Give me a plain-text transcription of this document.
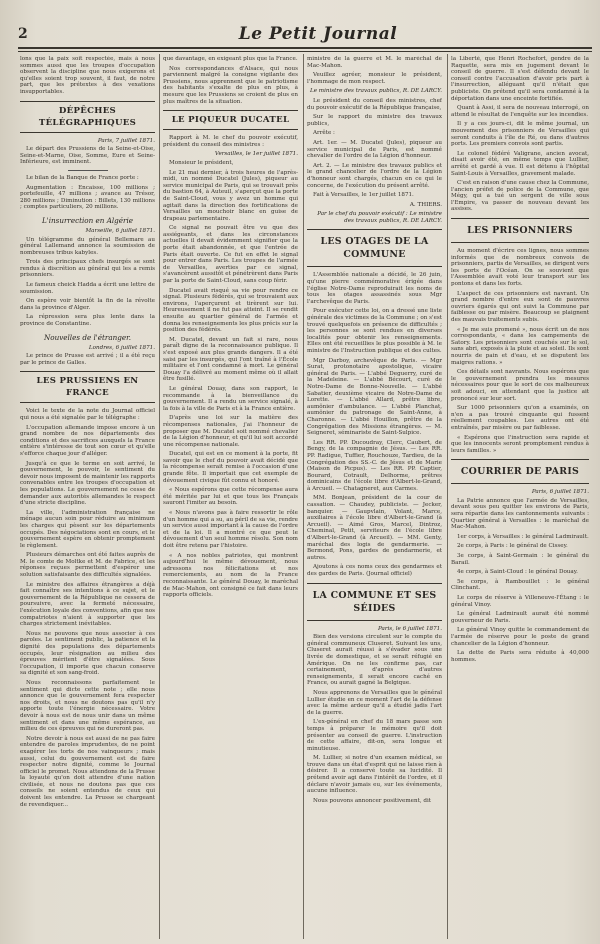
2	Le Petit Journal

lons que la paix soit respectée, mais à nous sommes aussi que les troupes d'occupation observent la discipline que nous exigerons et qu'elles soient trop souvent, il faut, de notre part, que les prétextes à des vexations insupportables.

DÉPÊCHES TÉLÉGRAPHIQUES

Paris, 7 juillet 1871.

Le départ des Prussiens de la Seine-et-Oise, Seine-et-Marne, Oise, Somme, Eure et Seine-Inférieure, est imminent.

Le bilan de la Banque de France porte :

Augmentation : Encaisse, 100 millions ; portefeuille, 47 millions ; avance au Trésor, 280 millions ; Diminution : Billets, 130 millions ; comptes particuliers, 20 millions.

L'insurrection en Algérie

Marseille, 6 juillet 1871.

Un télégramme du général Bellemare au général Lallemand annonce la soumission de nombreuses tribus kabyles.

Trois des principaux chefs insurgés se sont rendus à discrétion au général qui les a remis prisonniers.

Le fameux cheick Hadda a écrit une lettre de soumission.

On espère voir bientôt la fin de la révolte dans la province d'Alger.

La répression sera plus lente dans la province de Constantine.

Nouvelles de l'étranger.

Londres, 6 juillet 1871.

Le prince de Prusse est arrivé ; il a été reçu par le prince de Galles.

LES PRUSSIENS EN FRANCE

Voici le texte de la note du Journal officiel qui nous a été signalée par le télégraphe :

L'occupation allemande impose encore à un grand nombre de nos départements des conditions et des sacrifices auxquels la France entière s'intéresse de tout son cœur et qu'elle s'efforce chaque jour d'alléger.

Jusqu'à ce que le terme en soit arrivé, le gouvernement, le pouvoir, le sentiment du devoir nous imposent de maintenir les rapports convenables entre les troupes d'occupation et les populations. Le gouvernement ne cesse de demander aux autorités allemandes le respect d'une stricte discipline.

La ville, l'administration française ne ménage aucun soin pour réduire au minimum les charges qui pèsent sur les départements occupés. Des négociations sont en cours, et le gouvernement espère en obtenir promptement le règlement.

Plusieurs démarches ont été faites auprès de M. le comte de Moltke et M. de Fabrice, et les réponses reçues permettent d'espérer une solution satisfaisante des difficultés signalées.

Le ministre des affaires étrangères a déjà fait connaître ses intentions à ce sujet, et le gouvernement de la République ne cessera de poursuivre, avec la fermeté nécessaire, l'exécution loyale des conventions, afin que nos compatriotes n'aient à supporter que les charges strictement inévitables.

Nous ne pouvons que nous associer à ces paroles. Le sentiment public, la patience et la dignité des populations des départements occupés, leur résignation au milieu des épreuves méritent d'être signalées. Sous l'occupation, il importe que chacun conserve sa dignité et son sang-froid.

Nous reconnaissons parfaitement le sentiment qui dicte cette note ; elle nous annonce que le gouvernement fera respecter nos droits, et nous ne doutons pas qu'il n'y apporte toute l'énergie nécessaire. Votre devoir à nous est de nous unir dans un même sentiment et dans une même espérance, au milieu de ces épreuves qui ne dureront pas.

Notre devoir à nous est aussi de ne pas faire entendre de paroles imprudentes, de ne point exagérer les torts de nos vainqueurs ; mais aussi, celui du gouvernement est de faire respecter notre dignité, comme le Journal officiel le promet. Nous attendons de la Prusse la loyauté qu'on doit attendre d'une nation civilisée, et nous ne doutons pas que ces conseils ne soient entendus de ceux qui doivent les entendre. La Prusse se chargeant de revendiquer...

que davantage, en exigeant plus que la France.

Nos correspondances d'Alsace, qui nous parviennent malgré la consigne vigilante des Prussiens, nous apprennent que le patriotisme des habitants s'exalte de plus en plus, à mesure que les Prussiens se croient de plus en plus maîtres de la situation.

LE PIQUEUR DUCATEL

Rapport à M. le chef du pouvoir exécutif, président du conseil des ministres :

Versailles, le 1er juillet 1871.

Monsieur le président,

Le 21 mai dernier, à trois heures de l'après-midi, un nommé Ducatel (Jules), piqueur au service municipal de Paris, qui se trouvait près du bastion 64, à Auteuil, s'aperçut que la porte de Saint-Cloud, vous y avez un homme qui agitait dans la direction des fortifications de Versailles un mouchoir blanc en guise de drapeau parlementaire.

Ce signal ne pouvait être vu que des assiégeants, et dans les circonstances actuelles il devait évidemment signifier que la porte était abandonnée, et que l'entrée de Paris était ouverte. Ce fut en effet le signal pour entrer dans Paris. Les troupes de l'armée de Versailles, averties par ce signal, s'avancèrent aussitôt et pénétrèrent dans Paris par la porte de Saint-Cloud, sans coup férir.

Ducatel avait risqué sa vie pour rendre ce signal. Plusieurs fédérés, qui se trouvaient aux environs, l'aperçurent et tirèrent sur lui. Heureusement il ne fut pas atteint. Il se rendit ensuite au quartier général de l'armée et donna les renseignements les plus précis sur la position des fédérés.

M. Ducatel, devant un fait si rare, nous paraît digne de la reconnaissance publique. Il s'est exposé aux plus grands dangers. Il a été saisi par les insurgés, qui l'ont traîné à l'École militaire et l'ont condamné à mort. Le général Douay l'a délivré au moment même où il allait être fusillé.

Le général Douay, dans son rapport, le recommande à la bienveillance du gouvernement. Il a rendu un service signalé, à la fois à la ville de Paris et à la France entière.

D'après une loi sur la matière des récompenses nationales, j'ai l'honneur de proposer que M. Ducatel soit nommé chevalier de la Légion d'honneur, et qu'il lui soit accordé une récompense nationale.

Ducatel, qui est en ce moment à la porte, fit savoir que le chef du pouvoir avait décidé que la récompense serait remise à l'occasion d'une grande fête. Il importait que cet exemple de dévouement civique fût connu et honoré.

« Nous espérons que cette récompense aura été méritée par lui et que tous les Français sauront l'imiter au besoin.

« Nous n'avons pas à faire ressortir le rôle d'un homme qui a su, au péril de sa vie, rendre un service aussi important à la cause de l'ordre et de la loi. Il a montré ce que peut le dévouement d'un seul homme résolu. Son nom doit être retenu par l'histoire.

« A nos nobles patriotes, qui montrent aujourd'hui le même dévouement, nous adressons nos félicitations et nos remerciements, au nom de la France reconnaissante. Le général Douay, le maréchal de Mac-Mahon, ont consigné ce fait dans leurs rapports officiels.

ministre de la guerre et M. le maréchal de Mac-Mahon.

Veuillez agréer, monsieur le président, l'hommage de mon respect.

Le ministre des travaux publics, R. DE LARCY.

Le président du conseil des ministres, chef du pouvoir exécutif de la République française,

Sur le rapport du ministre des travaux publics,

Arrête :

Art. 1er. — M. Ducatel (Jules), piqueur au service municipal de Paris, est nommé chevalier de l'ordre de la Légion d'honneur.

Art. 2. — Le ministre des travaux publics et le grand chancelier de l'ordre de la Légion d'honneur sont chargés, chacun en ce qui le concerne, de l'exécution du présent arrêté.

Fait à Versailles, le 1er juillet 1871.

A. THIERS.

Par le chef du pouvoir exécutif : Le ministre des travaux publics, R. DE LARCY.

LES OTAGES DE LA COMMUNE

L'Assemblée nationale a décidé, le 26 juin, qu'une pierre commémorative érigée dans l'église Notre-Dame reproduirait les noms de tous les otages assassinés sous Mgr l'archevêque de Paris.

Pour exécuter cette loi, on a dressé une liste générale des victimes de la Commune ; on s'est trouvé quelquefois en présence de difficultés ; les personnes se sont rendues en diverses localités pour obtenir les renseignements. Elles ont été recueillies le plus possible à M. le ministre de l'Instruction publique et des cultes.

Mgr Darboy, archevêque de Paris. — Mgr Surat, protonotaire apostolique, vicaire général de Paris. — L'abbé Deguerry, curé de la Madeleine. — L'abbé Bécourt, curé de Notre-Dame de Bonne-Nouvelle. — L'abbé Sabatier, deuxième vicaire de Notre-Dame de Lorette. — L'abbé Allard, prêtre libre, aumônier d'ambulance. — L'abbé Planchat, aumônier du patronage de Saint-Anne, à Charonne. — L'abbé Houillon, prêtre de la Congrégation des Missions étrangères. — M. Seigneret, séminariste de Saint-Sulpice.

Les RR. PP. Ducoudray, Clerc, Caubert, de Bengy, de la compagnie de Jésus. — Les RR. PP. Radigue, Tuffier, Rouchouze, Tardieu, de la Congrégation des SS.-C. de Jésus et de Marie (Maison de Picpus). — Les RR. PP. Captier, Bourard, Cotrault, Delhorme, prêtres dominicains de l'école libre d'Albert-le-Grand, à Arcueil. — Chatagneret, aux Carmes.

MM. Bonjean, président de la cour de cassation. — Chaudey, publiciste. — Jecker, banquier. — Gaupvlain, Volant, Marce, auxiliaires à l'école libre d'Albert-le-Grand (à Arcueil). — Aimé Gros, Marcel, Dintroz, Cheminal, Petit, serviteurs de l'école libre d'Albert-le-Grand (à Arcueil). — MM. Genty, maréchal des logis de gendarmerie. — Bermond, Pons, gardes de gendarmerie, et autres.

Ajoutons à ces noms ceux des gendarmes et des gardes de Paris. (Journal officiel)

LA COMMUNE ET SES SÉIDES

Paris, le 6 juillet 1871.

Bien des versions circulent sur le compte du général communeux Cluseret. Suivant les uns, Cluseret aurait réussi à s'évader sous une livrée de domestique, et se serait réfugié en Amérique. On ne les confirme pas, car certainement, d'après d'autres renseignements, il serait encore caché en France, ou aurait gagné la Belgique.

Nous apprenons de Versailles que le général Lullier étudie en ce moment l'art de la défense avec la même ardeur qu'il a étudié jadis l'art de la guerre.

L'ex-général en chef du 18 mars passe son temps à préparer le mémoire qu'il doit présenter au conseil de guerre. L'instruction de cette affaire, dit-on, sera longue et minutieuse.

M. Lullier, si notre d'un examen médical, se trouve dans un état d'esprit qui ne laisse rien à désirer. Il a conservé toute sa lucidité. Il prétend avoir agi dans l'intérêt de l'ordre, et il déclare n'avoir jamais eu, sur les événements, aucune influence.

Nous pouvons annoncer positivement, dit

la Liberté, que Henri Rochefort, gendre de la Raquette, sera mis en jugement devant le conseil de guerre. Il s'est défendu devant le conseil contre l'accusation d'avoir pris part à l'insurrection, alléguant qu'il n'était que publiciste. On prétend qu'il sera condamné à la déportation dans une enceinte fortifiée.

Quant à Assi, il sera de nouveau interrogé, on attend le résultat de l'enquête sur les incendies.

Il y a ces jours-ci, dit le même journal, un mouvement des prisonniers de Versailles qui seront conduits à l'île de Ré, ou dans d'autres ports. Les premiers convois sont partis.

Le colonel fédéré Valigrane, ancien avocat, disait avoir été, en même temps que Lullier, arrêté et gardé à vue. Il est détenu à l'hôpital Saint-Louis à Versailles, gravement malade.

C'est en raison d'une cause chez la Commune, l'ancien préfet de police de la Commune, que Mégy, qui a tué un sergent de ville sous l'Empire, va passer de nouveau devant les assises.

LES PRISONNIERS

Au moment d'écrire ces lignes, nous sommes informés que de nombreux convois de prisonniers, partis de Versailles, se dirigent vers les ports de l'Océan. On se souvient que l'Assemblée avait voté leur transport sur les pontons et dans les forts.

L'aspect de ces prisonniers est navrant. Un grand nombre d'entre eux sont de pauvres ouvriers égarés qui ont suivi la Commune par faiblesse ou par misère. Beaucoup se plaignent des mauvais traitements subis.

« Je me suis promené », nous écrit un de nos correspondants, « dans les campements de Satory. Les prisonniers sont couchés sur le sol, sans abri, exposés à la pluie et au soleil. Ils sont nourris de pain et d'eau, et se disputent les maigres rations. »

Ces détails sont navrants. Nous espérons que le gouvernement prendra les mesures nécessaires pour que le sort de ces malheureux soit adouci, en attendant que la justice ait prononcé sur leur sort.

Sur 1000 prisonniers qu'on a examinés, on n'en a pas trouvé cinquante qui fussent réellement coupables. Les autres ont été entraînés, par misère ou par faiblesse.

« Espérons que l'instruction sera rapide et que les innocents seront promptement rendus à leurs familles. »

COURRIER DE PARIS

Paris, 6 juillet 1871.

La Patrie annonce que l'armée de Versailles, devant sous peu quitter les environs de Paris, sera répartie dans les cantonnements suivants : Quartier général à Versailles : le maréchal de Mac-Mahon.

1er corps, à Versailles : le général Ladmirault.

2e corps, à Paris : le général de Cissey.

3e corps, à Saint-Germain : le général du Barail.

4e corps, à Saint-Cloud : le général Douay.

5e corps, à Rambouillet : le général Clinchant.

Le corps de réserve à Villeneuve-l'Étang : le général Vinoy.

Le général Ladmirault aurait été nommé gouverneur de Paris.

Le général Vinoy quitte le commandement de l'armée de réserve pour le poste de grand chancelier de la Légion d'honneur.

La dette de Paris sera réduite à 40,000 hommes.
